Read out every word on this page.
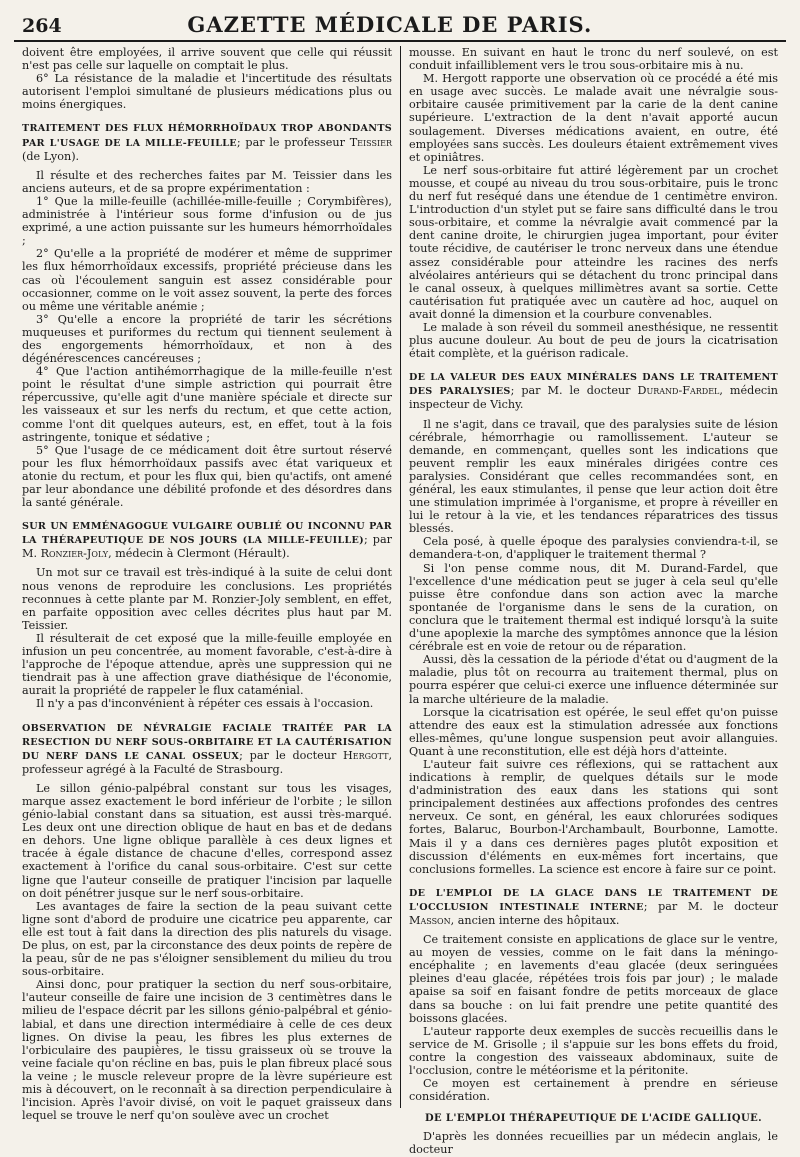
264	GAZETTE MÉDICALE DE PARIS.

doivent être employées, il arrive souvent que celle qui réussit n'est pas celle sur laquelle on comptait le plus.

6° La résistance de la maladie et l'incertitude des résultats autorisent l'emploi simultané de plusieurs médications plus ou moins énergiques.

TRAITEMENT DES FLUX HÉMORRHOÏDAUX TROP ABONDANTS PAR L'USAGE DE LA MILLE-FEUILLE; par le professeur Teissier (de Lyon).

Il résulte et des recherches faites par M. Teissier dans les anciens auteurs, et de sa propre expérimentation :

1° Que la mille-feuille (achillée-mille-feuille ; Corymbifères), administrée à l'intérieur sous forme d'infusion ou de jus exprimé, a une action puissante sur les humeurs hémorrhoïdales ;

2° Qu'elle a la propriété de modérer et même de supprimer les flux hémorrhoïdaux excessifs, propriété précieuse dans les cas où l'écoulement sanguin est assez considérable pour occasionner, comme on le voit assez souvent, la perte des forces ou même une véritable anémie ;

3° Qu'elle a encore la propriété de tarir les sécrétions muqueuses et puriformes du rectum qui tiennent seulement à des engorgements hémorrhoïdaux, et non à des dégénérescences cancéreuses ;

4° Que l'action antihémorrhagique de la mille-feuille n'est point le résultat d'une simple astriction qui pourrait être répercussive, qu'elle agit d'une manière spéciale et directe sur les vaisseaux et sur les nerfs du rectum, et que cette action, comme l'ont dit quelques auteurs, est, en effet, tout à la fois astringente, tonique et sédative ;

5° Que l'usage de ce médicament doit être surtout réservé pour les flux hémorrhoïdaux passifs avec état variqueux et atonie du rectum, et pour les flux qui, bien qu'actifs, ont amené par leur abondance une débilité profonde et des désordres dans la santé générale.

SUR UN EMMÉNAGOGUE VULGAIRE OUBLIÉ OU INCONNU PAR LA THÉRAPEUTIQUE DE NOS JOURS (LA MILLE-FEUILLE); par M. Ronzier-Joly, médecin à Clermont (Hérault).

Un mot sur ce travail est très-indiqué à la suite de celui dont nous venons de reproduire les conclusions. Les propriétés reconnues à cette plante par M. Ronzier-Joly semblent, en effet, en parfaite opposition avec celles décrites plus haut par M. Teissier.

Il résulterait de cet exposé que la mille-feuille employée en infusion un peu concentrée, au moment favorable, c'est-à-dire à l'approche de l'époque attendue, après une suppression qui ne tiendrait pas à une affection grave diathésique de l'économie, aurait la propriété de rappeler le flux cataménial.

Il n'y a pas d'inconvénient à répéter ces essais à l'occasion.

OBSERVATION DE NÉVRALGIE FACIALE TRAITÉE PAR LA RESECTION DU NERF SOUS-ORBITAIRE ET LA CAUTÉRISATION DU NERF DANS LE CANAL OSSEUX; par le docteur Hergott, professeur agrégé à la Faculté de Strasbourg.

Le sillon génio-palpébral constant sur tous les visages, marque assez exactement le bord inférieur de l'orbite ; le sillon génio-labial constant dans sa situation, est aussi très-marqué. Les deux ont une direction oblique de haut en bas et de dedans en dehors. Une ligne oblique parallèle à ces deux lignes et tracée à égale distance de chacune d'elles, correspond assez exactement à l'orifice du canal sous-orbitaire. C'est sur cette ligne que l'auteur conseille de pratiquer l'incision par laquelle on doit pénétrer jusque sur le nerf sous-orbitaire.

Les avantages de faire la section de la peau suivant cette ligne sont d'abord de produire une cicatrice peu apparente, car elle est tout à fait dans la direction des plis naturels du visage. De plus, on est, par la circonstance des deux points de repère de la peau, sûr de ne pas s'éloigner sensiblement du milieu du trou sous-orbitaire.

Ainsi donc, pour pratiquer la section du nerf sous-orbitaire, l'auteur conseille de faire une incision de 3 centimètres dans le milieu de l'espace décrit par les sillons génio-palpébral et génio-labial, et dans une direction intermédiaire à celle de ces deux lignes. On divise la peau, les fibres les plus externes de l'orbiculaire des paupières, le tissu graisseux où se trouve la veine faciale qu'on récline en bas, puis le plan fibreux placé sous la veine ; le muscle releveur propre de la lèvre supérieure est mis à découvert, on le reconnaît à sa direction perpendiculaire à l'incision. Après l'avoir divisé, on voit le paquet graisseux dans lequel se trouve le nerf qu'on soulève avec un crochet

mousse. En suivant en haut le tronc du nerf soulevé, on est conduit infailliblement vers le trou sous-orbitaire mis à nu.

M. Hergott rapporte une observation où ce procédé a été mis en usage avec succès. Le malade avait une névralgie sous-orbitaire causée primitivement par la carie de la dent canine supérieure. L'extraction de la dent n'avait apporté aucun soulagement. Diverses médications avaient, en outre, été employées sans succès. Les douleurs étaient extrêmement vives et opiniâtres.

Le nerf sous-orbitaire fut attiré légèrement par un crochet mousse, et coupé au niveau du trou sous-orbitaire, puis le tronc du nerf fut reséqué dans une étendue de 1 centimètre environ. L'introduction d'un stylet put se faire sans difficulté dans le trou sous-orbitaire, et comme la névralgie avait commencé par la dent canine droite, le chirurgien jugea important, pour éviter toute récidive, de cautériser le tronc nerveux dans une étendue assez considérable pour atteindre les racines des nerfs alvéolaires antérieurs qui se détachent du tronc principal dans le canal osseux, à quelques millimètres avant sa sortie. Cette cautérisation fut pratiquée avec un cautère ad hoc, auquel on avait donné la dimension et la courbure convenables.

Le malade à son réveil du sommeil anesthésique, ne ressentit plus aucune douleur. Au bout de peu de jours la cicatrisation était complète, et la guérison radicale.

DE LA VALEUR DES EAUX MINÉRALES DANS LE TRAITEMENT DES PARALYSIES; par M. le docteur Durand-Fardel, médecin inspecteur de Vichy.

Il ne s'agit, dans ce travail, que des paralysies suite de lésion cérébrale, hémorrhagie ou ramollissement. L'auteur se demande, en commençant, quelles sont les indications que peuvent remplir les eaux minérales dirigées contre ces paralysies. Considérant que celles recommandées sont, en général, les eaux stimulantes, il pense que leur action doit être une stimulation imprimée à l'organisme, et propre à réveiller en lui le retour à la vie, et les tendances réparatrices des tissus blessés.

Cela posé, à quelle époque des paralysies conviendra-t-il, se demandera-t-on, d'appliquer le traitement thermal ?

Si l'on pense comme nous, dit M. Durand-Fardel, que l'excellence d'une médication peut se juger à cela seul qu'elle puisse être confondue dans son action avec la marche spontanée de l'organisme dans le sens de la curation, on conclura que le traitement thermal est indiqué lorsqu'à la suite d'une apoplexie la marche des symptômes annonce que la lésion cérébrale est en voie de retour ou de réparation.

Aussi, dès la cessation de la période d'état ou d'augment de la maladie, plus tôt on recourra au traitement thermal, plus on pourra espérer que celui-ci exerce une influence déterminée sur la marche ultérieure de la maladie.

Lorsque la cicatrisation est opérée, le seul effet qu'on puisse attendre des eaux est la stimulation adressée aux fonctions elles-mêmes, qu'une longue suspension peut avoir allanguies. Quant à une reconstitution, elle est déjà hors d'atteinte.

L'auteur fait suivre ces réflexions, qui se rattachent aux indications à remplir, de quelques détails sur le mode d'administration des eaux dans les stations qui sont principalement destinées aux affections profondes des centres nerveux. Ce sont, en général, les eaux chlorurées sodiques fortes, Balaruc, Bourbon-l'Archambault, Bourbonne, Lamotte. Mais il y a dans ces dernières pages plutôt exposition et discussion d'éléments en eux-mêmes fort incertains, que conclusions formelles. La science est encore à faire sur ce point.

DE L'EMPLOI DE LA GLACE DANS LE TRAITEMENT DE L'OCCLUSION INTESTINALE INTERNE; par M. le docteur Masson, ancien interne des hôpitaux.

Ce traitement consiste en applications de glace sur le ventre, au moyen de vessies, comme on le fait dans la méningo-encéphalite ; en lavements d'eau glacée (deux seringuées pleines d'eau glacée, répétées trois fois par jour) ; le malade apaise sa soif en faisant fondre de petits morceaux de glace dans sa bouche : on lui fait prendre une petite quantité des boissons glacées.

L'auteur rapporte deux exemples de succès recueillis dans le service de M. Grisolle ; il s'appuie sur les bons effets du froid, contre la congestion des vaisseaux abdominaux, suite de l'occlusion, contre le météorisme et la péritonite.

Ce moyen est certainement à prendre en sérieuse considération.

DE L'EMPLOI THÉRAPEUTIQUE DE L'ACIDE GALLIQUE.

D'après les données recueillies par un médecin anglais, le docteur
